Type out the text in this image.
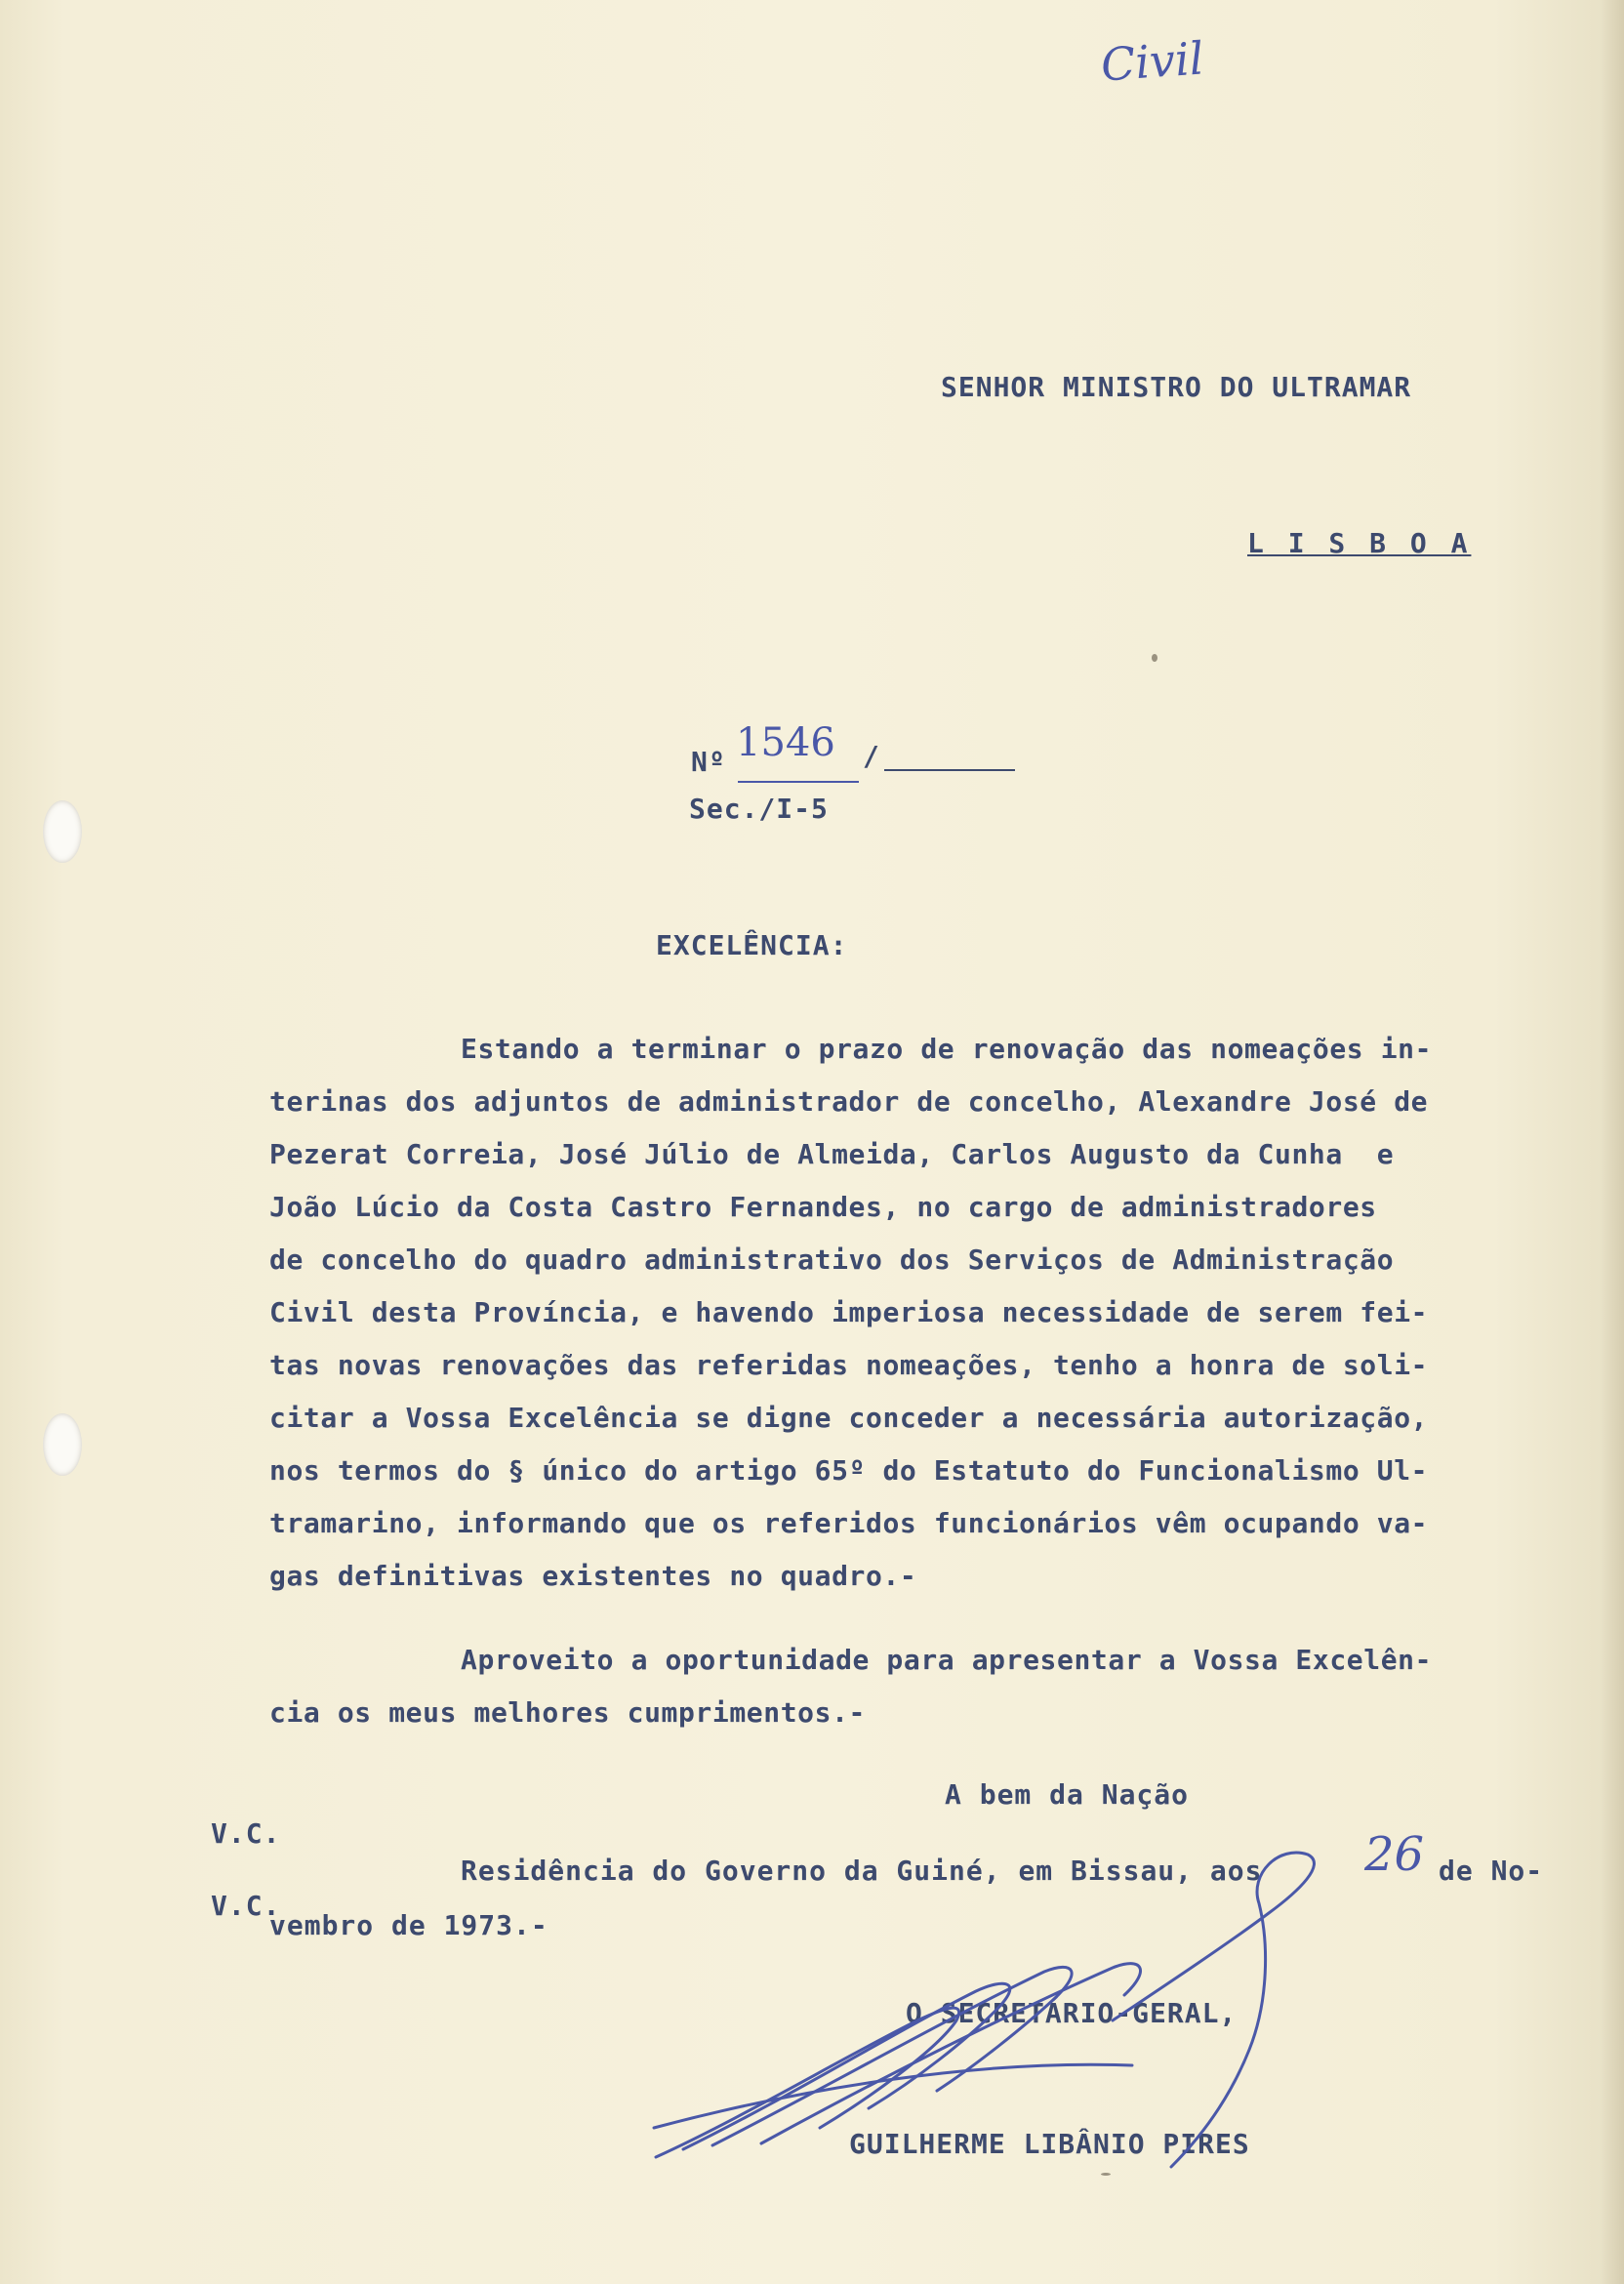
Civil
SENHOR MINISTRO DO ULTRAMAR
L I S B O A
Nº 1546 /
Sec./I-5
EXCELÊNCIA:
Estando a terminar o prazo de renovação das nomeações in-
terinas dos adjuntos de administrador de concelho, Alexandre José de
Pezerat Correia, José Júlio de Almeida, Carlos Augusto da Cunha  e
João Lúcio da Costa Castro Fernandes, no cargo de administradores
de concelho do quadro administrativo dos Serviços de Administração
Civil desta Província, e havendo imperiosa necessidade de serem fei-
tas novas renovações das referidas nomeações, tenho a honra de soli-
citar a Vossa Excelência se digne conceder a necessária autorização,
nos termos do § único do artigo 65º do Estatuto do Funcionalismo Ul-
tramarino, informando que os referidos funcionários vêm ocupando va-
gas definitivas existentes no quadro.-
Aproveito a oportunidade para apresentar a Vossa Excelên-
cia os meus melhores cumprimentos.-
A bem da Nação
V.C.
Residência do Governo da Guiné, em Bissau, aos 26 de No-
V.C.
vembro de 1973.-
O SECRETÁRIO-GERAL,
GUILHERME LIBÂNIO PIRES
